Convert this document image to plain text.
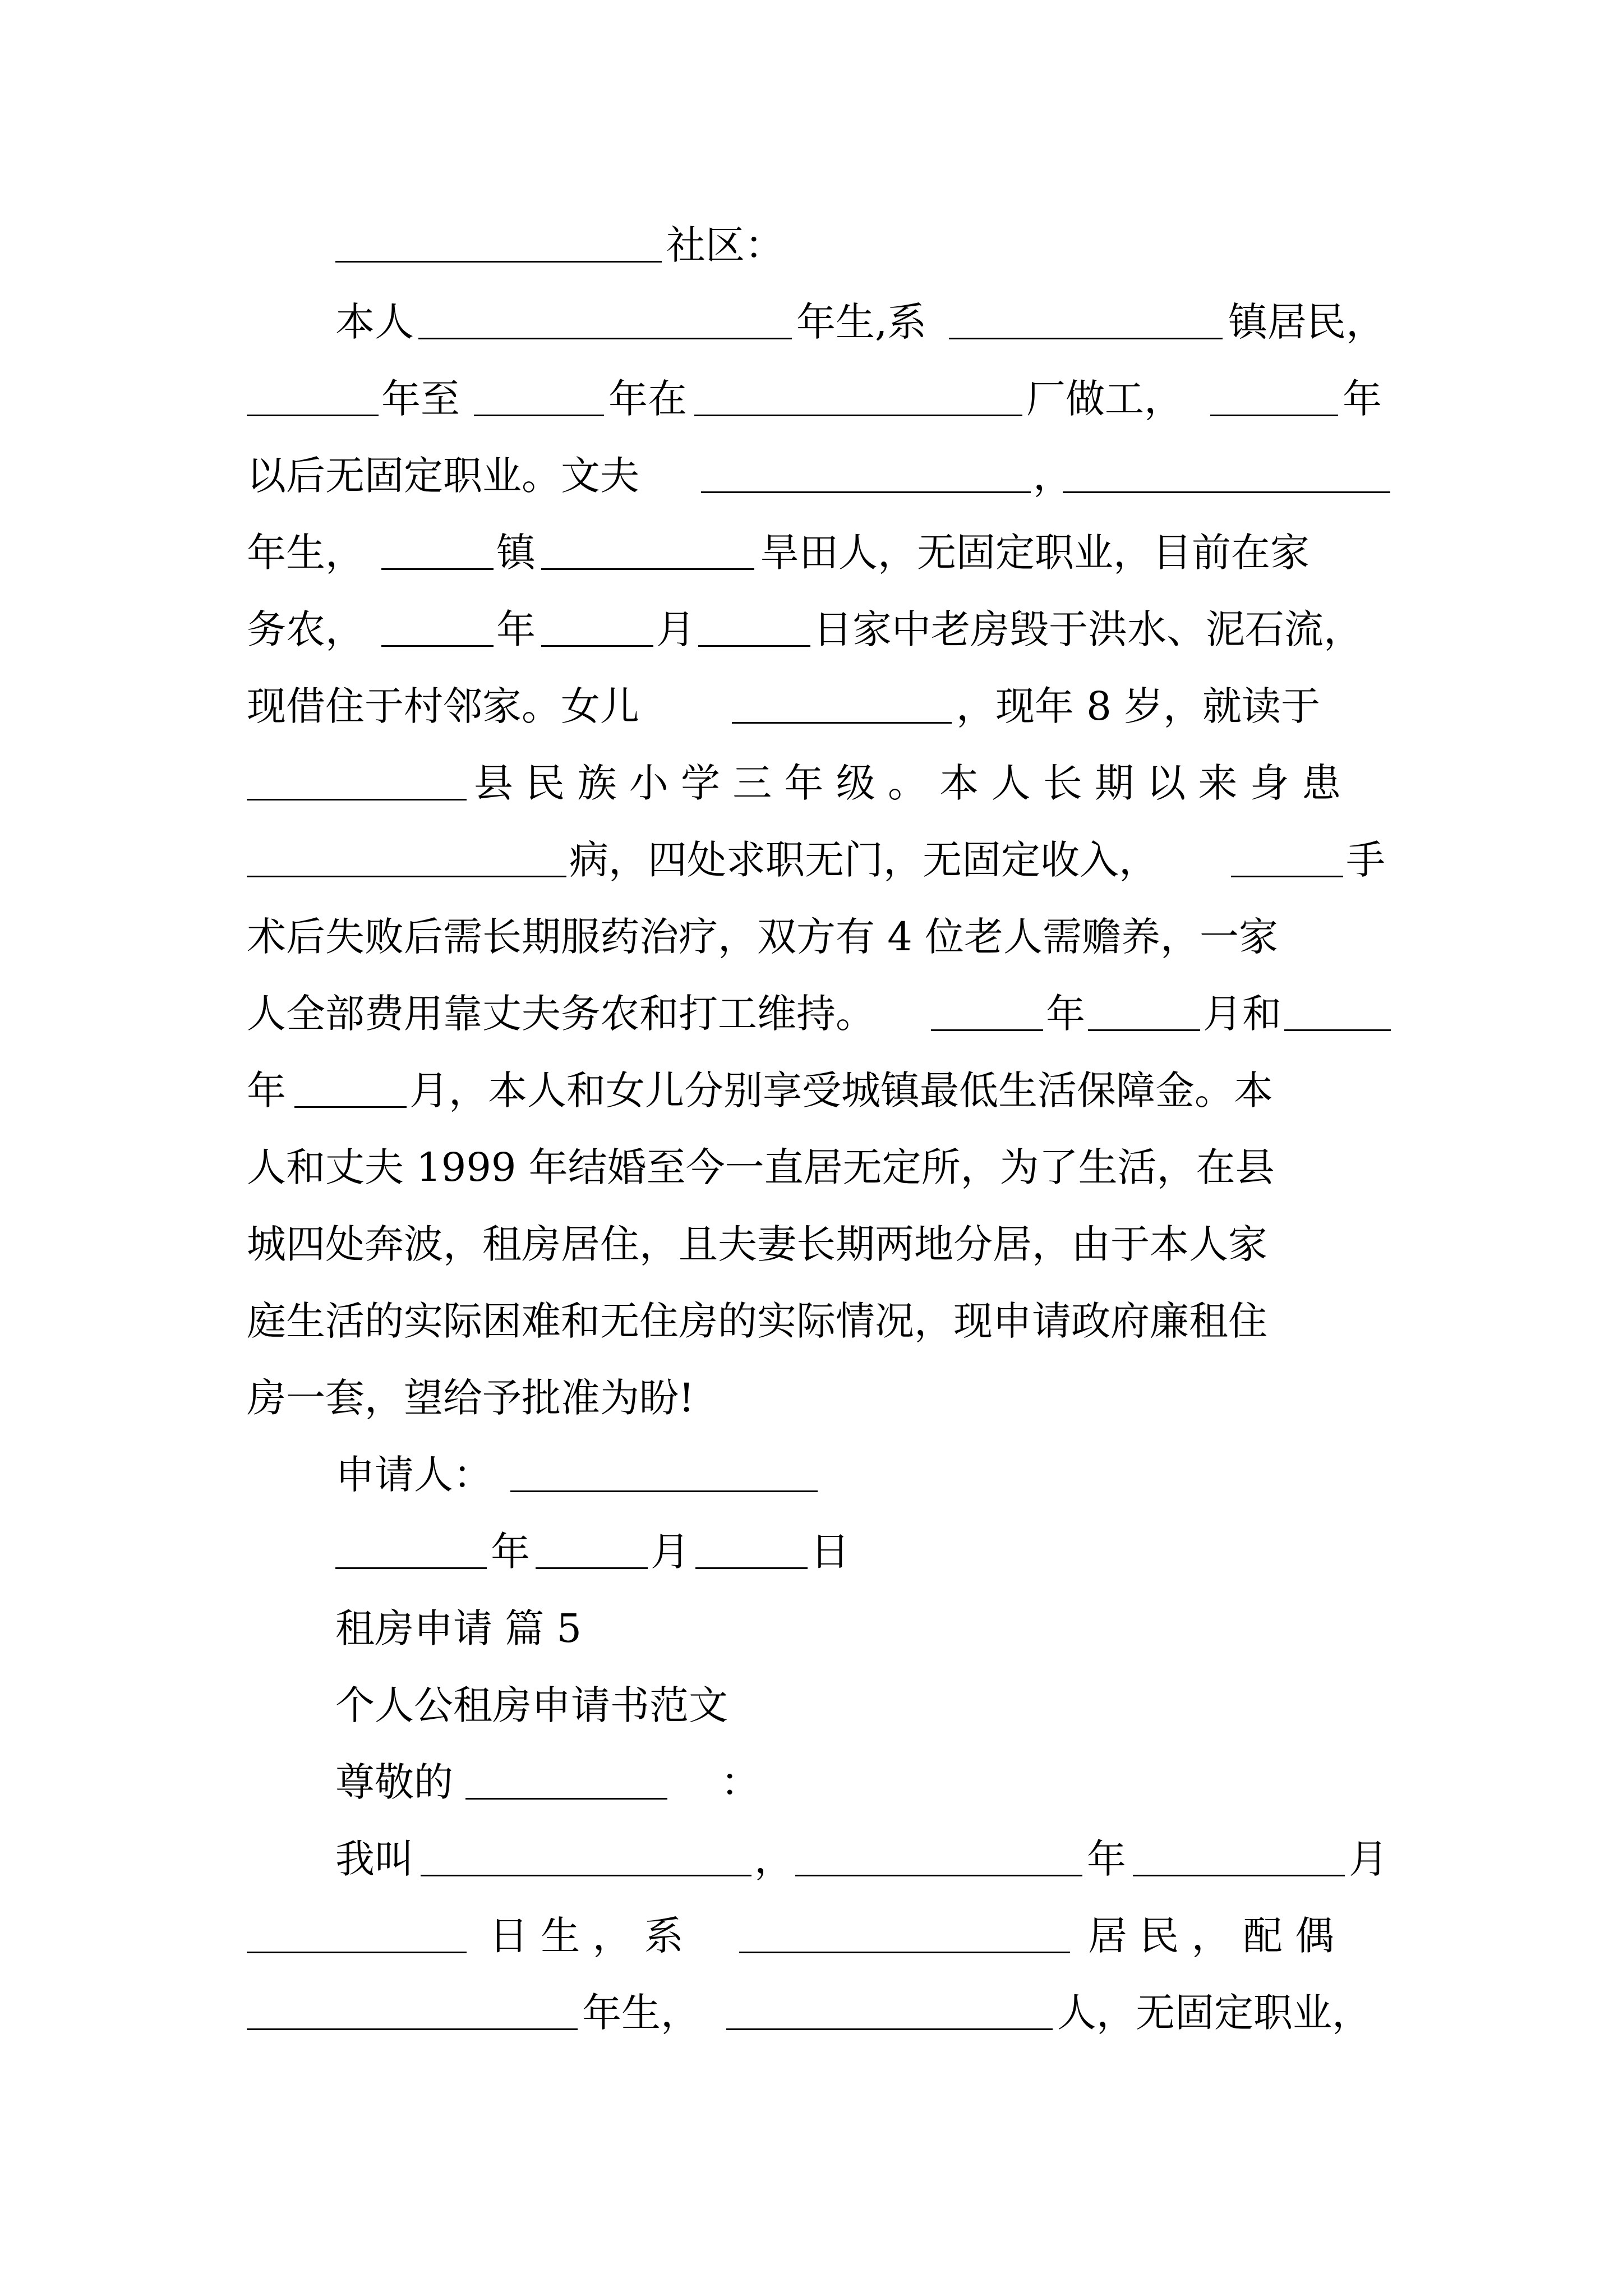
社区：
本人	年生,系	镇居民，
年至	年在	厂做工，	年
以后无固定职业。文夫	，
年生，	镇	旱田人，无固定职业，目前在家
务农，	年	月	日家中老房毁于洪水、泥石流，
现借住于村邻家。女儿	，现年 8 岁，就读于
县 民 族 小 学 三 年 级 。 本 人 长 期 以 来 身 患
病，四处求职无门，无固定收入，	手
术后失败后需长期服药治疗，双方有 4 位老人需赡养，一家
人全部费用靠丈夫务农和打工维持。	年	月和
年	月，本人和女儿分别享受城镇最低生活保障金。本
人和丈夫 1999 年结婚至今一直居无定所，为了生活，在县
城四处奔波，租房居住，且夫妻长期两地分居，由于本人家
庭生活的实际困难和无住房的实际情况，现申请政府廉租住
房一套，望给予批准为盼!
申请人：
年	月	日
租房申请 篇 5
个人公租房申请书范文
尊敬的	：
我叫	，	年	月
日 生 ， 系	居 民 ， 配 偶
年生，	人，无固定职业，
